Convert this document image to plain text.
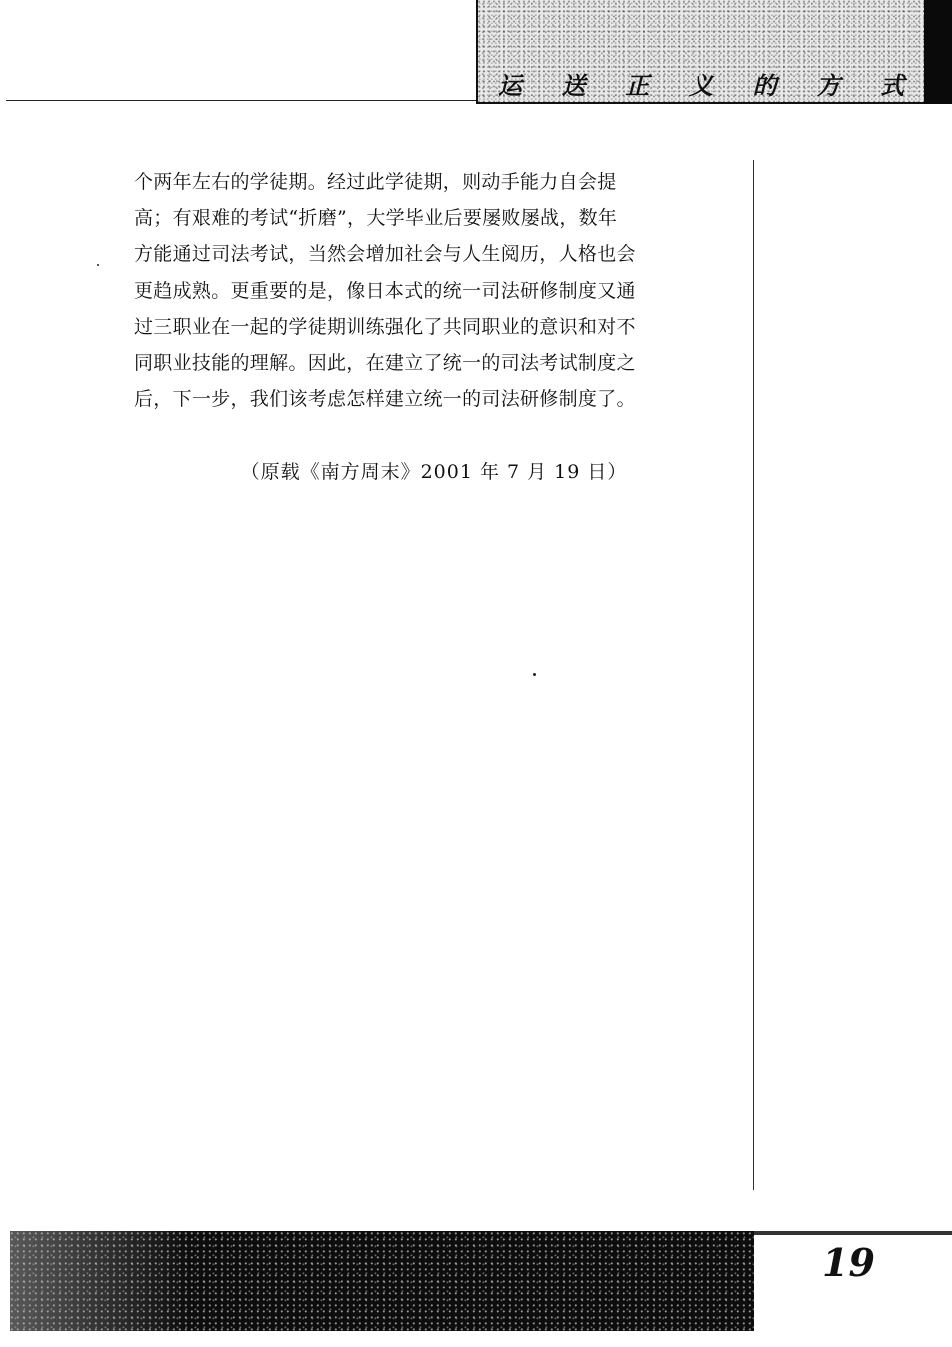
运 送 正 义 的 方 式
个两年左右的学徒期。经过此学徒期，则动手能力自会提
高；有艰难的考试“折磨”，大学毕业后要屡败屡战，数年
方能通过司法考试，当然会增加社会与人生阅历，人格也会
更趋成熟。更重要的是，像日本式的统一司法研修制度又通
过三职业在一起的学徒期训练强化了共同职业的意识和对不
同职业技能的理解。因此，在建立了统一的司法考试制度之
后，下一步，我们该考虑怎样建立统一的司法研修制度了。
（原载《南方周末》2001 年 7 月 19 日）
19
